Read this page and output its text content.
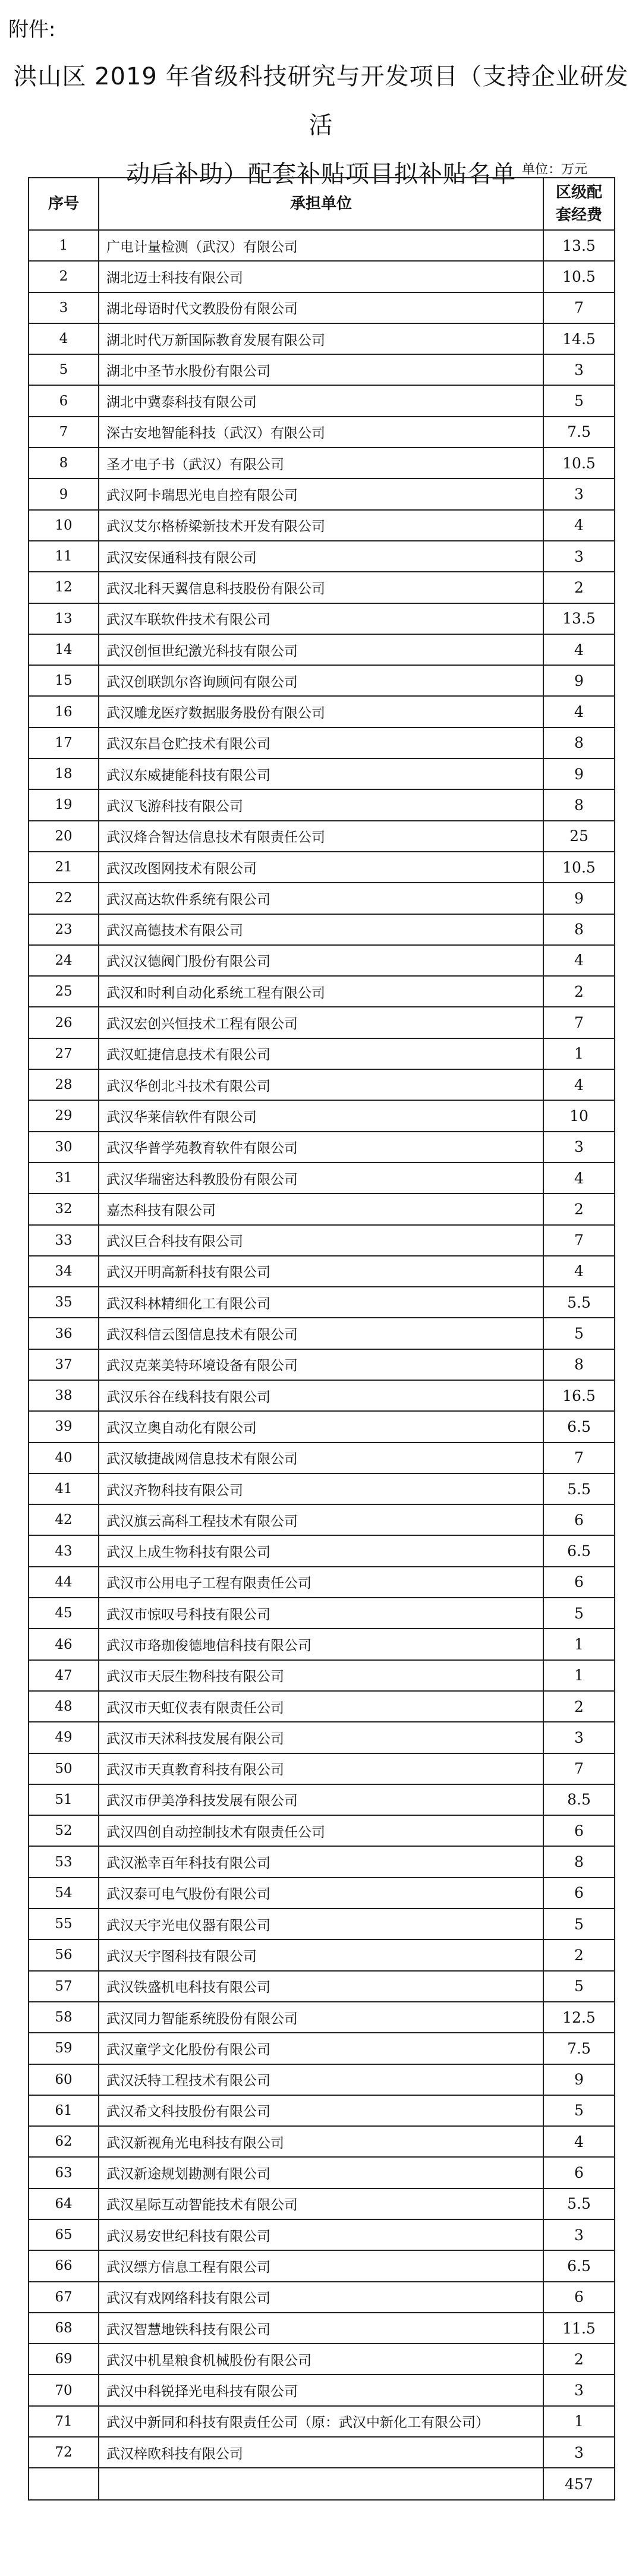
附件:
洪山区 2019 年省级科技研究与开发项目（支持企业研发活
动后补助）配套补贴项目拟补贴名单 单位：万元
序号	承担单位	区级配套经费
1	广电计量检测（武汉）有限公司	13.5
2	湖北迈士科技有限公司	10.5
3	湖北母语时代文教股份有限公司	7
4	湖北时代万新国际教育发展有限公司	14.5
5	湖北中圣节水股份有限公司	3
6	湖北中冀泰科技有限公司	5
7	深古安地智能科技（武汉）有限公司	7.5
8	圣才电子书（武汉）有限公司	10.5
9	武汉阿卡瑞思光电自控有限公司	3
10	武汉艾尔格桥梁新技术开发有限公司	4
11	武汉安保通科技有限公司	3
12	武汉北科天翼信息科技股份有限公司	2
13	武汉车联软件技术有限公司	13.5
14	武汉创恒世纪激光科技有限公司	4
15	武汉创联凯尔咨询顾问有限公司	9
16	武汉雕龙医疗数据服务股份有限公司	4
17	武汉东昌仓贮技术有限公司	8
18	武汉东威捷能科技有限公司	9
19	武汉飞游科技有限公司	8
20	武汉烽合智达信息技术有限责任公司	25
21	武汉改图网技术有限公司	10.5
22	武汉高达软件系统有限公司	9
23	武汉高德技术有限公司	8
24	武汉汉德阀门股份有限公司	4
25	武汉和时利自动化系统工程有限公司	2
26	武汉宏创兴恒技术工程有限公司	7
27	武汉虹捷信息技术有限公司	1
28	武汉华创北斗技术有限公司	4
29	武汉华莱信软件有限公司	10
30	武汉华普学苑教育软件有限公司	3
31	武汉华瑞密达科教股份有限公司	4
32	嘉杰科技有限公司	2
33	武汉巨合科技有限公司	7
34	武汉开明高新科技有限公司	4
35	武汉科林精细化工有限公司	5.5
36	武汉科信云图信息技术有限公司	5
37	武汉克莱美特环境设备有限公司	8
38	武汉乐谷在线科技有限公司	16.5
39	武汉立奥自动化有限公司	6.5
40	武汉敏捷战网信息技术有限公司	7
41	武汉齐物科技有限公司	5.5
42	武汉旗云高科工程技术有限公司	6
43	武汉上成生物科技有限公司	6.5
44	武汉市公用电子工程有限责任公司	6
45	武汉市惊叹号科技有限公司	5
46	武汉市珞珈俊德地信科技有限公司	1
47	武汉市天辰生物科技有限公司	1
48	武汉市天虹仪表有限责任公司	2
49	武汉市天沭科技发展有限公司	3
50	武汉市天真教育科技有限公司	7
51	武汉市伊美净科技发展有限公司	8.5
52	武汉四创自动控制技术有限责任公司	6
53	武汉淞幸百年科技有限公司	8
54	武汉泰可电气股份有限公司	6
55	武汉天宇光电仪器有限公司	5
56	武汉天宇图科技有限公司	2
57	武汉铁盛机电科技有限公司	5
58	武汉同力智能系统股份有限公司	12.5
59	武汉童学文化股份有限公司	7.5
60	武汉沃特工程技术有限公司	9
61	武汉希文科技股份有限公司	5
62	武汉新视角光电科技有限公司	4
63	武汉新途规划勘测有限公司	6
64	武汉星际互动智能技术有限公司	5.5
65	武汉易安世纪科技有限公司	3
66	武汉缥方信息工程有限公司	6.5
67	武汉有戏网络科技有限公司	6
68	武汉智慧地铁科技有限公司	11.5
69	武汉中机星粮食机械股份有限公司	2
70	武汉中科锐择光电科技有限公司	3
71	武汉中新同和科技有限责任公司（原：武汉中新化工有限公司）	1
72	武汉梓欧科技有限公司	3
		457
